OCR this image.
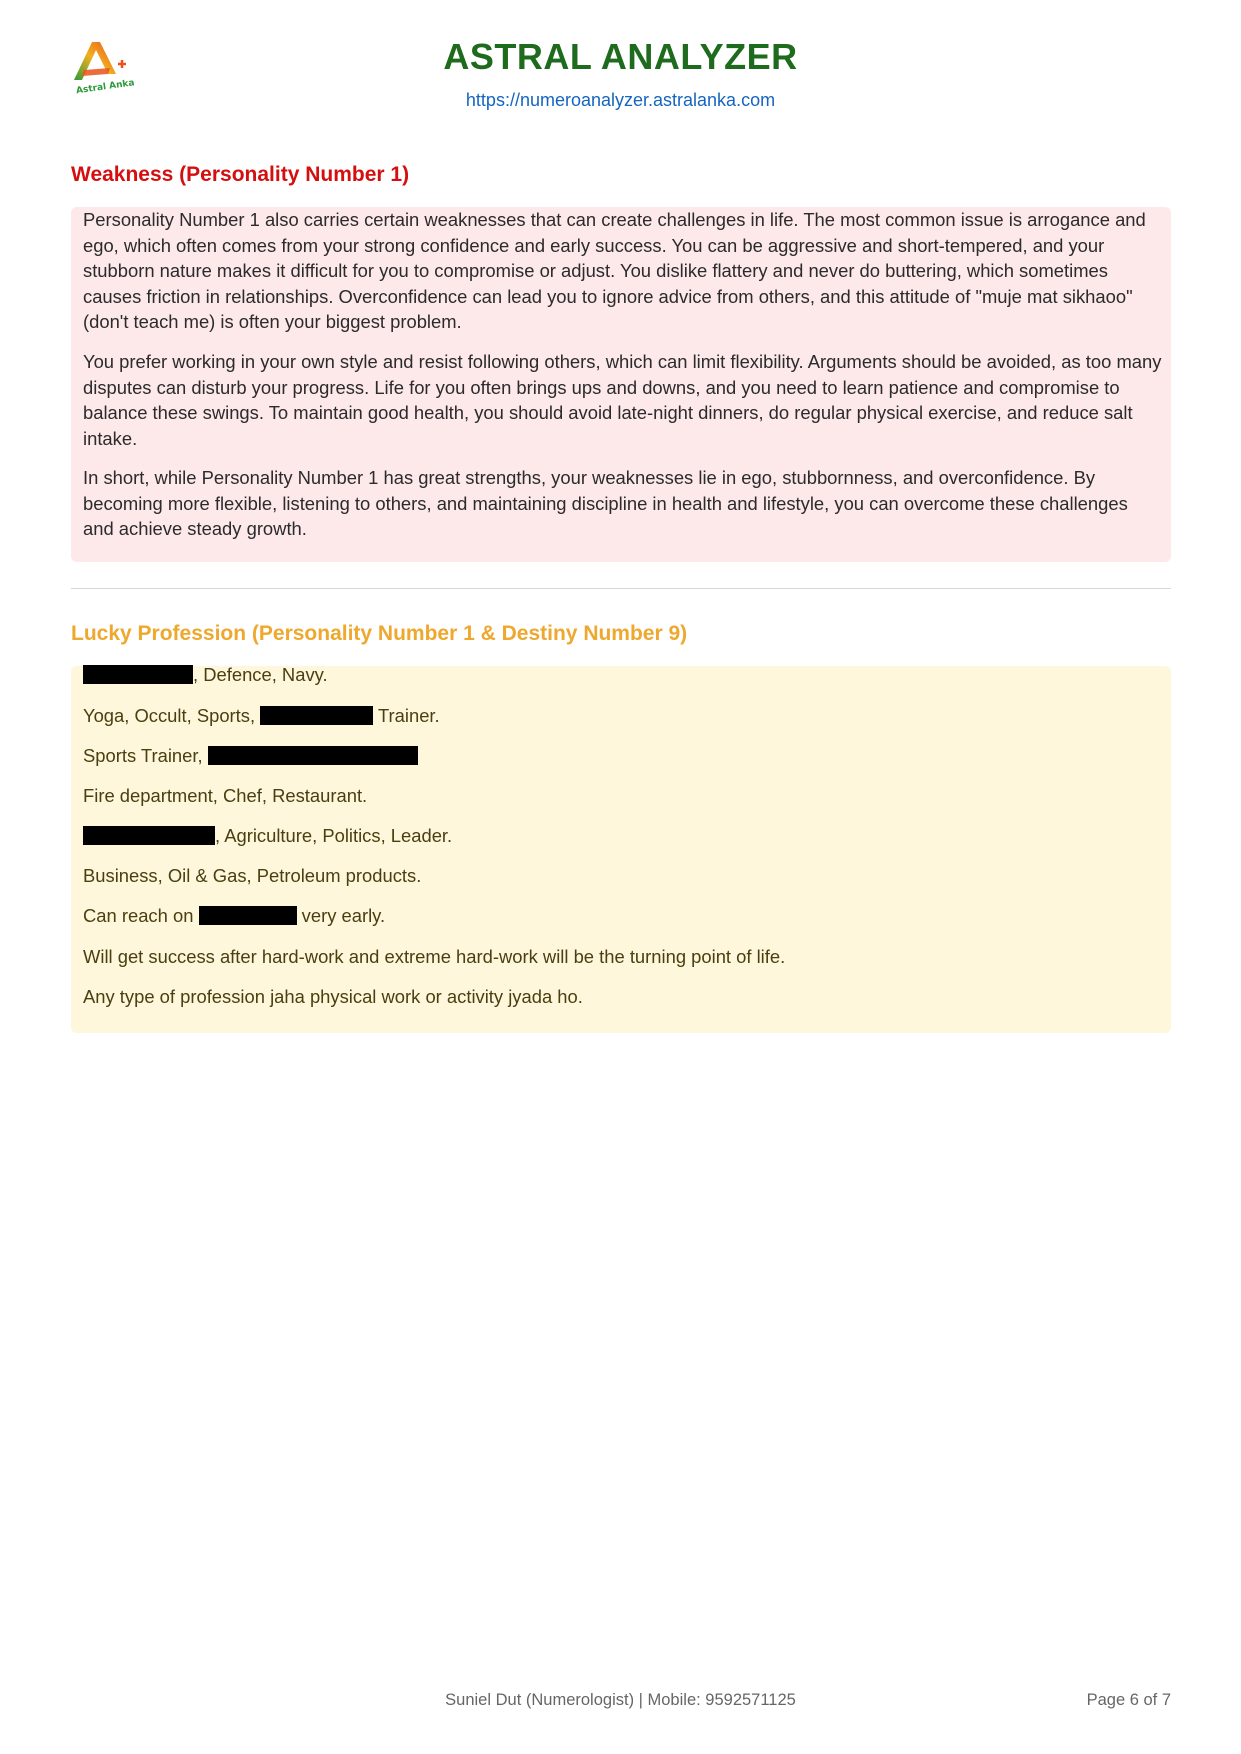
Astral Anka
ASTRAL ANALYZER
https://numeroanalyzer.astralanka.com
Weakness (Personality Number 1)

Personality Number 1 also carries certain weaknesses that can create challenges in life. The most common issue is arrogance and ego, which often comes from your strong confidence and early success. You can be aggressive and short-tempered, and your stubborn nature makes it difficult for you to compromise or adjust. You dislike flattery and never do buttering, which sometimes causes friction in relationships. Overconfidence can lead you to ignore advice from others, and this attitude of "muje mat sikhaoo" (don't teach me) is often your biggest problem.

You prefer working in your own style and resist following others, which can limit flexibility. Arguments should be avoided, as too many disputes can disturb your progress. Life for you often brings ups and downs, and you need to learn patience and compromise to balance these swings. To maintain good health, you should avoid late-night dinners, do regular physical exercise, and reduce salt intake.

In short, while Personality Number 1 has great strengths, your weaknesses lie in ego, stubbornness, and overconfidence. By becoming more flexible, listening to others, and maintaining discipline in health and lifestyle, you can overcome these challenges and achieve steady growth.

Lucky Profession (Personality Number 1 & Destiny Number 9)

, Defence, Navy.

Yoga, Occult, Sports,	Trainer.

Sports Trainer,

Fire department, Chef, Restaurant.

, Agriculture, Politics, Leader.

Business, Oil & Gas, Petroleum products.

Can reach on	very early.

Will get success after hard-work and extreme hard-work will be the turning point of life.

Any type of profession jaha physical work or activity jyada ho.

Suniel Dut (Numerologist) | Mobile: 9592571125	Page 6 of 7
